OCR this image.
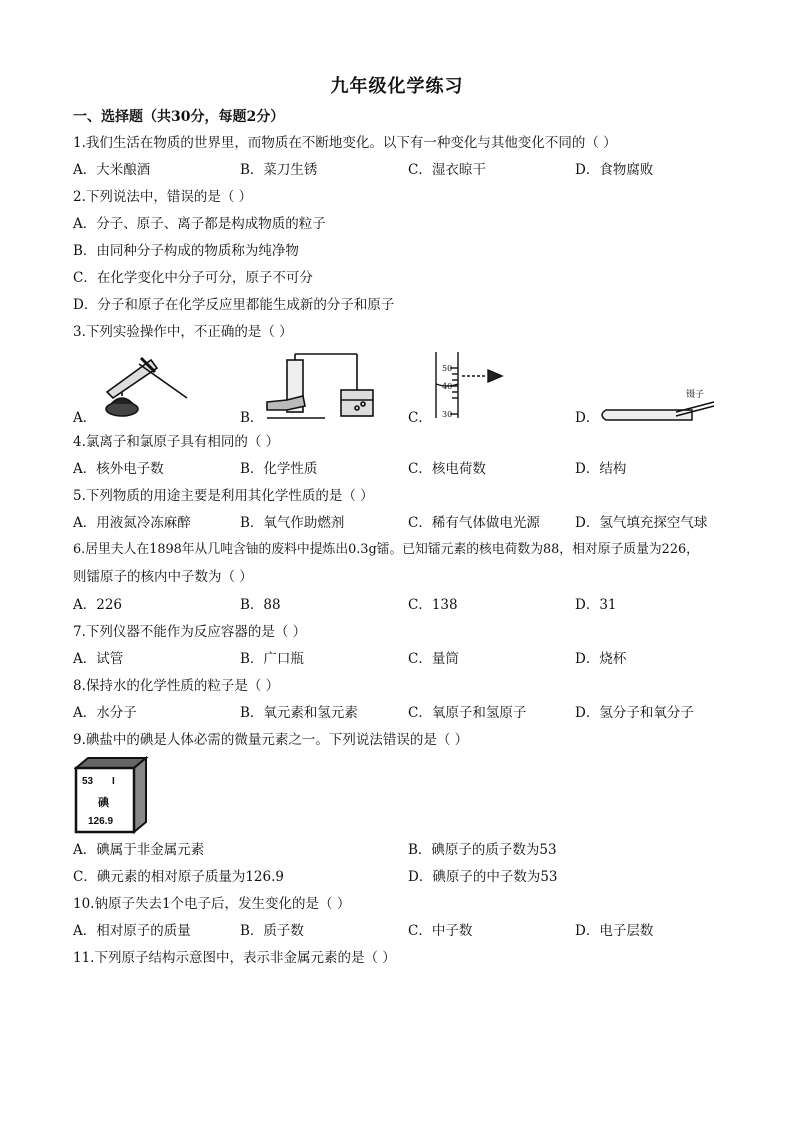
九年级化学练习
一、选择题（共30分，每题2分）
1.我们生活在物质的世界里，而物质在不断地变化。以下有一种变化与其他变化不同的（ ）
A．大米酿酒	B．菜刀生锈	C．湿衣晾干	D．食物腐败
2.下列说法中，错误的是（ ）
A．分子、原子、离子都是构成物质的粒子
B．由同种分子构成的物质称为纯净物
C．在化学变化中分子可分，原子不可分
D．分子和原子在化学反应里都能生成新的分子和原子
3.下列实验操作中，不正确的是（ ）
A．	B．	C．	D．
50
40
30
镊子
4.氯离子和氯原子具有相同的（ ）
A．核外电子数	B．化学性质	C．核电荷数	D．结构
5.下列物质的用途主要是利用其化学性质的是（ ）
A．用液氮冷冻麻醉	B．氧气作助燃剂	C．稀有气体做电光源	D．氢气填充探空气球
6.居里夫人在1898年从几吨含铀的废料中提炼出0.3g镭。已知镭元素的核电荷数为88，相对原子质量为226，
则镭原子的核内中子数为（ ）
A．226	B．88	C．138	D．31
7.下列仪器不能作为反应容器的是（ ）
A．试管	B．广口瓶	C．量筒	D．烧杯
8.保持水的化学性质的粒子是（ ）
A．水分子	B．氧元素和氢元素	C．氧原子和氢原子	D．氢分子和氧分子
9.碘盐中的碘是人体必需的微量元素之一。下列说法错误的是（ ）
53 I
碘
126.9
A．碘属于非金属元素	B．碘原子的质子数为53
C．碘元素的相对原子质量为126.9	D．碘原子的中子数为53
10.钠原子失去1个电子后，发生变化的是（ ）
A．相对原子的质量	B．质子数	C．中子数	D．电子层数
11.下列原子结构示意图中，表示非金属元素的是（ ）
